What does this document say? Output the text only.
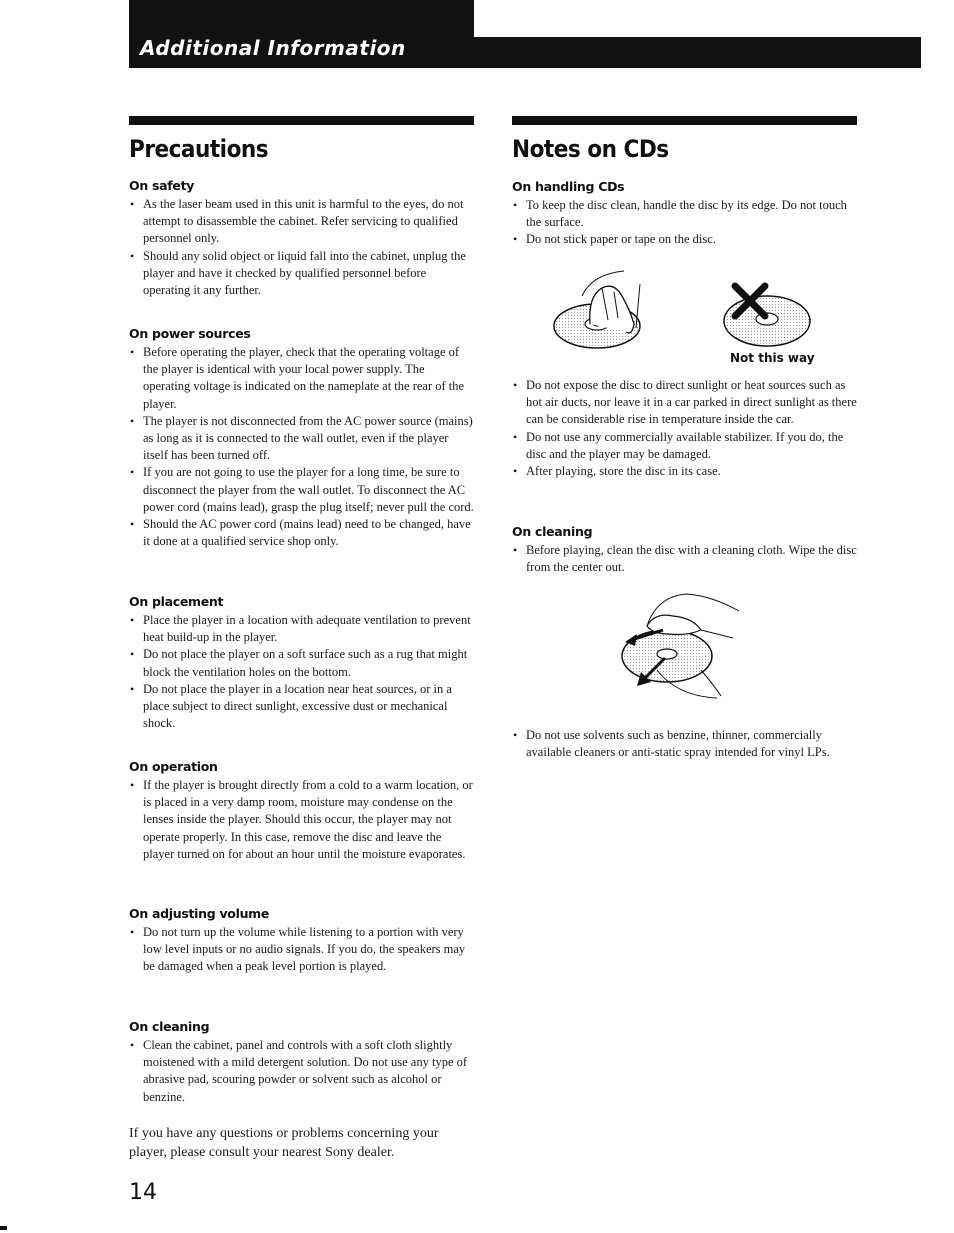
Additional Information
Precautions
On safety
• As the laser beam used in this unit is harmful to the eyes, do not attempt to disassemble the cabinet. Refer servicing to qualified personnel only.
• Should any solid object or liquid fall into the cabinet, unplug the player and have it checked by qualified personnel before operating it any further.
On power sources
• Before operating the player, check that the operating voltage of the player is identical with your local power supply. The operating voltage is indicated on the nameplate at the rear of the player.
• The player is not disconnected from the AC power source (mains) as long as it is connected to the wall outlet, even if the player itself has been turned off.
• If you are not going to use the player for a long time, be sure to disconnect the player from the wall outlet. To disconnect the AC power cord (mains lead), grasp the plug itself; never pull the cord.
• Should the AC power cord (mains lead) need to be changed, have it done at a qualified service shop only.
On placement
• Place the player in a location with adequate ventilation to prevent heat build-up in the player.
• Do not place the player on a soft surface such as a rug that might block the ventilation holes on the bottom.
• Do not place the player in a location near heat sources, or in a place subject to direct sunlight, excessive dust or mechanical shock.
On operation
• If the player is brought directly from a cold to a warm location, or is placed in a very damp room, moisture may condense on the lenses inside the player. Should this occur, the player may not operate properly. In this case, remove the disc and leave the player turned on for about an hour until the moisture evaporates.
On adjusting volume
• Do not turn up the volume while listening to a portion with very low level inputs or no audio signals. If you do, the speakers may be damaged when a peak level portion is played.
On cleaning
• Clean the cabinet, panel and controls with a soft cloth slightly moistened with a mild detergent solution. Do not use any type of abrasive pad, scouring powder or solvent such as alcohol or benzine.
If you have any questions or problems concerning your player, please consult your nearest Sony dealer.
Notes on CDs
On handling CDs
• To keep the disc clean, handle the disc by its edge. Do not touch the surface.
• Do not stick paper or tape on the disc.
Not this way
• Do not expose the disc to direct sunlight or heat sources such as hot air ducts, nor leave it in a car parked in direct sunlight as there can be considerable rise in temperature inside the car.
• Do not use any commercially available stabilizer. If you do, the disc and the player may be damaged.
• After playing, store the disc in its case.
On cleaning
• Before playing, clean the disc with a cleaning cloth. Wipe the disc from the center out.
• Do not use solvents such as benzine, thinner, commercially available cleaners or anti-static spray intended for vinyl LPs.
14
